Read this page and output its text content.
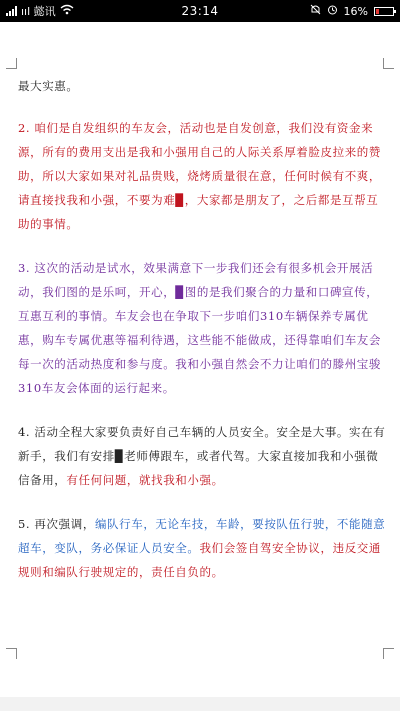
ııl 懿讯	23:14	16%

最大实惠。

2. 咱们是自发组织的车友会，活动也是自发创意，我们没有资金来源，所有的费用支出是我和小强用自己的人际关系厚着脸皮拉来的赞助，所以大家如果对礼品贵贱，烧烤质量很在意，任何时候有不爽，请直接找我和小强，不要为难▉，大家都是朋友了，之后都是互帮互助的事情。

3. 这次的活动是试水，效果满意下一步我们还会有很多机会开展活动，我们图的是乐呵，开心，▉图的是我们聚合的力量和口碑宣传，互惠互利的事情。车友会也在争取下一步咱们310车辆保养专属优惠，购车专属优惠等福利待遇，这些能不能做成，还得靠咱们车友会每一次的活动热度和参与度。我和小强自然会不力让咱们的滕州宝骏310车友会体面的运行起来。

4. 活动全程大家要负责好自己车辆的人员安全。安全是大事。实在有新手，我们有安排▉老师傅跟车，或者代驾。大家直接加我和小强微信备用，有任何问题，就找我和小强。

5. 再次强调，编队行车，无论车技，车龄，要按队伍行驶，不能随意超车，变队，务必保证人员安全。我们会签自驾安全协议，违反交通规则和编队行驶规定的，责任自负的。
